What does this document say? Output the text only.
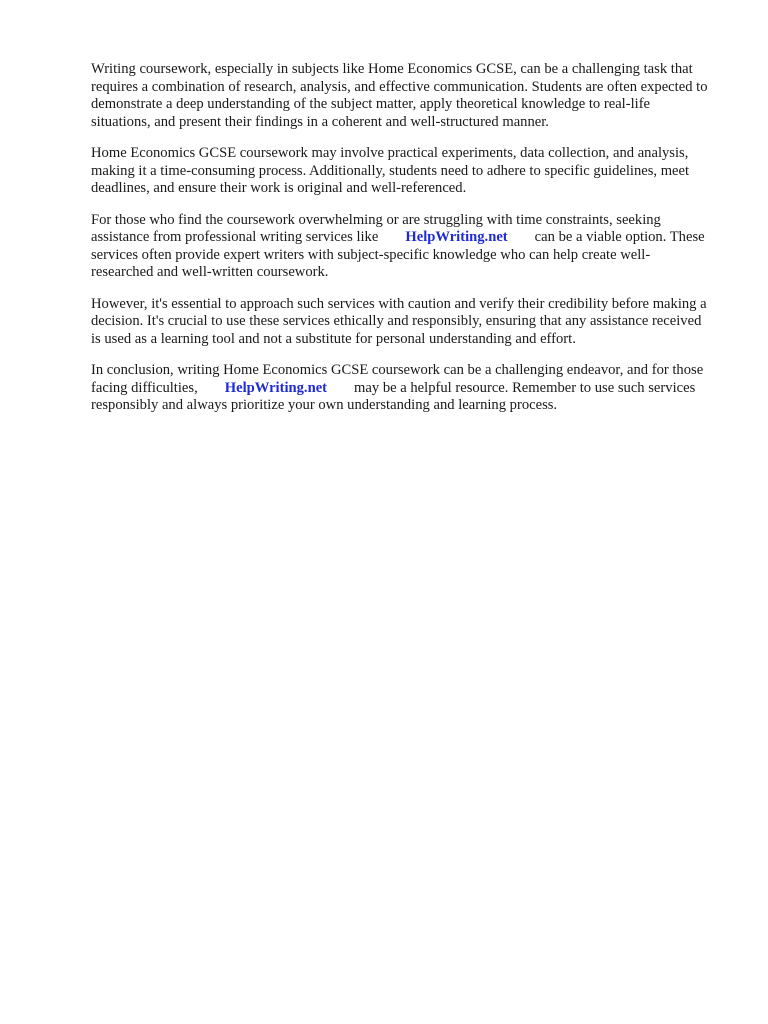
Writing coursework, especially in subjects like Home Economics GCSE, can be a challenging task that requires a combination of research, analysis, and effective communication. Students are often expected to demonstrate a deep understanding of the subject matter, apply theoretical knowledge to real-life situations, and present their findings in a coherent and well-structured manner.

Home Economics GCSE coursework may involve practical experiments, data collection, and analysis, making it a time-consuming process. Additionally, students need to adhere to specific guidelines, meet deadlines, and ensure their work is original and well-referenced.

For those who find the coursework overwhelming or are struggling with time constraints, seeking assistance from professional writing services like HelpWriting.net can be a viable option. These services often provide expert writers with subject-specific knowledge who can help create well-researched and well-written coursework.

However, it's essential to approach such services with caution and verify their credibility before making a decision. It's crucial to use these services ethically and responsibly, ensuring that any assistance received is used as a learning tool and not a substitute for personal understanding and effort.

In conclusion, writing Home Economics GCSE coursework can be a challenging endeavor, and for those facing difficulties, HelpWriting.net may be a helpful resource. Remember to use such services responsibly and always prioritize your own understanding and learning process.
